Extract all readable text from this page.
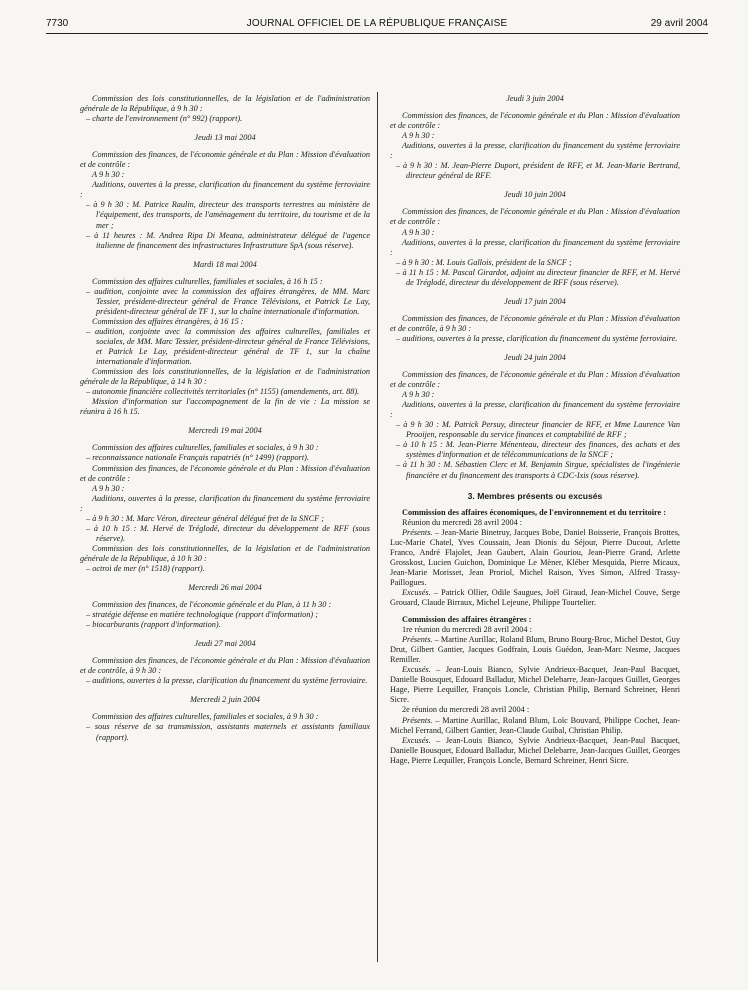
7730	JOURNAL OFFICIEL DE LA RÉPUBLIQUE FRANÇAISE	29 avril 2004

Commission des lois constitutionnelles, de la législation et de l'administration générale de la République, à 9 h 30 :

– charte de l'environnement (n° 992) (rapport).

Jeudi 13 mai 2004

Commission des finances, de l'économie générale et du Plan : Mission d'évaluation et de contrôle :

A 9 h 30 :

Auditions, ouvertes à la presse, clarification du financement du système ferroviaire :

– à 9 h 30 : M. Patrice Raulin, directeur des transports terrestres au ministère de l'équipement, des transports, de l'aménagement du territoire, du tourisme et de la mer ;

– à 11 heures : M. Andrea Ripa Di Meana, administrateur délégué de l'agence italienne de financement des infrastructures Infrastrutture SpA (sous réserve).

Mardi 18 mai 2004

Commission des affaires culturelles, familiales et sociales, à 16 h 15 :

– audition, conjointe avec la commission des affaires étrangères, de MM. Marc Tessier, président-directeur général de France Télévisions, et Patrick Le Lay, président-directeur général de TF 1, sur la chaîne internationale d'information.

Commission des affaires étrangères, à 16 15 :

– audition, conjointe avec la commission des affaires culturelles, familiales et sociales, de MM. Marc Tessier, président-directeur général de France Télévisions, et Patrick Le Lay, président-directeur général de TF 1, sur la chaîne internationale d'information.

Commission des lois constitutionnelles, de la législation et de l'administration générale de la République, à 14 h 30 :

– autonomie financière collectivités territoriales (n° 1155) (amendements, art. 88).

Mission d'information sur l'accompagnement de la fin de vie : La mission se réunira à 16 h 15.

Mercredi 19 mai 2004

Commission des affaires culturelles, familiales et sociales, à 9 h 30 :

– reconnaissance nationale Français rapatriés (n° 1499) (rapport).

Commission des finances, de l'économie générale et du Plan : Mission d'évaluation et de contrôle :

A 9 h 30 :

Auditions, ouvertes à la presse, clarification du financement du système ferroviaire :

– à 9 h 30 : M. Marc Véron, directeur général délégué fret de la SNCF ;

– à 10 h 15 : M. Hervé de Tréglodé, directeur du développement de RFF (sous réserve).

Commission des lois constitutionnelles, de la législation et de l'administration générale de la République, à 10 h 30 :

– octroi de mer (n° 1518) (rapport).

Mercredi 26 mai 2004

Commission des finances, de l'économie générale et du Plan, à 11 h 30 :

– stratégie défense en matière technologique (rapport d'information) ;

– biocarburants (rapport d'information).

Jeudi 27 mai 2004

Commission des finances, de l'économie générale et du Plan : Mission d'évaluation et de contrôle, à 9 h 30 :

– auditions, ouvertes à la presse, clarification du financement du système ferroviaire.

Mercredi 2 juin 2004

Commission des affaires culturelles, familiales et sociales, à 9 h 30 :

– sous réserve de sa transmission, assistants maternels et assistants familiaux (rapport).

Jeudi 3 juin 2004

Commission des finances, de l'économie générale et du Plan : Mission d'évaluation et de contrôle :

A 9 h 30 :

Auditions, ouvertes à la presse, clarification du financement du système ferroviaire :

– à 9 h 30 : M. Jean-Pierre Duport, président de RFF, et M. Jean-Marie Bertrand, directeur général de RFF.

Jeudi 10 juin 2004

Commission des finances, de l'économie générale et du Plan : Mission d'évaluation et de contrôle :

A 9 h 30 :

Auditions, ouvertes à la presse, clarification du financement du système ferroviaire :

– à 9 h 30 : M. Louis Gallois, président de la SNCF ;

– à 11 h 15 : M. Pascal Girardot, adjoint au directeur financier de RFF, et M. Hervé de Tréglodé, directeur du développement de RFF (sous réserve).

Jeudi 17 juin 2004

Commission des finances, de l'économie générale et du Plan : Mission d'évaluation et de contrôle, à 9 h 30 :

– auditions, ouvertes à la presse, clarification du financement du système ferroviaire.

Jeudi 24 juin 2004

Commission des finances, de l'économie générale et du Plan : Mission d'évaluation et de contrôle :

A 9 h 30 :

Auditions, ouvertes à la presse, clarification du financement du système ferroviaire :

– à 9 h 30 : M. Patrick Persuy, directeur financier de RFF, et Mme Laurence Van Prooijen, responsable du service finances et comptabilité de RFF ;

– à 10 h 15 : M. Jean-Pierre Ménenteau, directeur des finances, des achats et des systèmes d'information et de télécommunications de la SNCF ;

– à 11 h 30 : M. Sébastien Clerc et M. Benjamin Sirgue, spécialistes de l'ingénierie financière et du financement des transports à CDC-Ixis (sous réserve).

3. Membres présents ou excusés

Commission des affaires économiques, de l'environnement et du territoire :

Réunion du mercredi 28 avril 2004 :

Présents. – Jean-Marie Binetruy, Jacques Bobe, Daniel Boisserie, François Brottes, Luc-Marie Chatel, Yves Coussain, Jean Dionis du Séjour, Pierre Ducout, Arlette Franco, André Flajolet, Jean Gaubert, Alain Gouriou, Jean-Pierre Grand, Arlette Grosskost, Lucien Guichon, Dominique Le Mèner, Kléber Mesquida, Pierre Micaux, Jean-Marie Morisset, Jean Proriol, Michel Raison, Yves Simon, Alfred Trassy-Paillogues.

Excusés. – Patrick Ollier, Odile Saugues, Joël Giraud, Jean-Michel Couve, Serge Grouard, Claude Birraux, Michel Lejeune, Philippe Tourtelier.

Commission des affaires étrangères :

1re réunion du mercredi 28 avril 2004 :

Présents. – Martine Aurillac, Roland Blum, Bruno Bourg-Broc, Michel Destot, Guy Drut, Gilbert Gantier, Jacques Godfrain, Louis Guédon, Jean-Marc Nesme, Jacques Remiller.

Excusés. – Jean-Louis Bianco, Sylvie Andrieux-Bacquet, Jean-Paul Bacquet, Danielle Bousquet, Edouard Balladur, Michel Delebarre, Jean-Jacques Guillet, Georges Hage, Pierre Lequiller, François Loncle, Christian Philip, Bernard Schreiner, Henri Sicre.

2e réunion du mercredi 28 avril 2004 :

Présents. – Martine Aurillac, Roland Blum, Loïc Bouvard, Philippe Cochet, Jean-Michel Ferrand, Gilbert Gantier, Jean-Claude Guibal, Christian Philip.

Excusés. – Jean-Louis Bianco, Sylvie Andrieux-Bacquet, Jean-Paul Bacquet, Danielle Bousquet, Edouard Balladur, Michel Delebarre, Jean-Jacques Guillet, Georges Hage, Pierre Lequiller, François Loncle, Bernard Schreiner, Henri Sicre.
